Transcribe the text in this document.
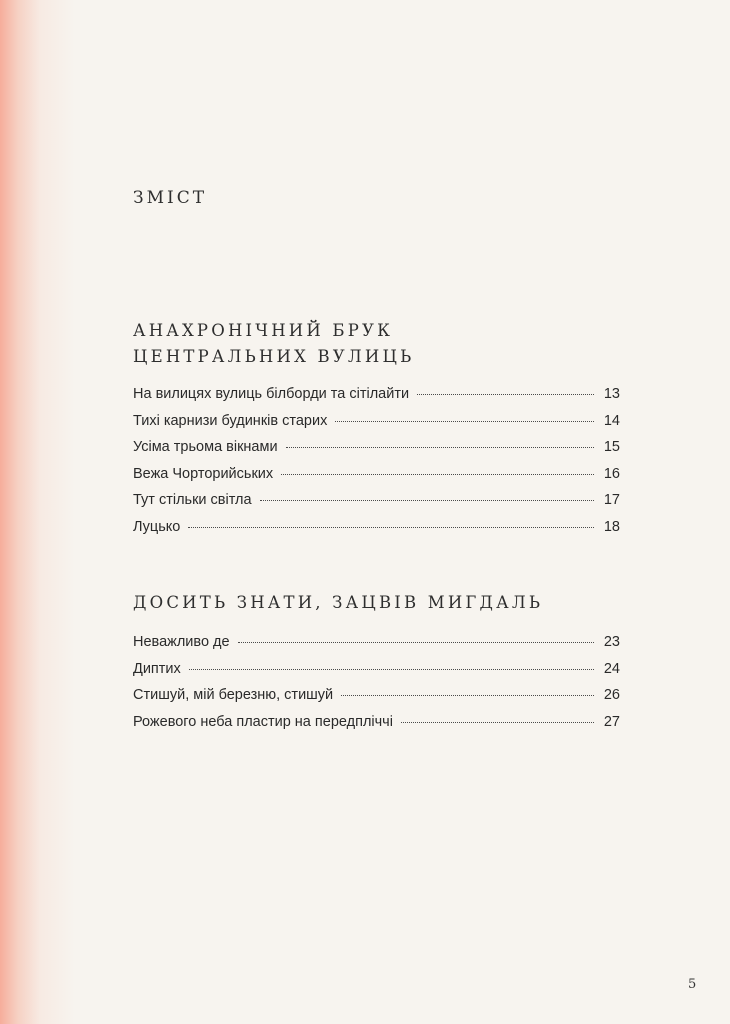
ЗМІСТ
АНАХРОНІЧНИЙ БРУК
ЦЕНТРАЛЬНИХ ВУЛИЦЬ
На вилицях вулиць білборди та сітілайти	13
Тихі карнизи будинків старих	14
Усіма трьома вікнами	15
Вежа Чорторийських	16
Тут стільки світла	17
Луцько	18
ДОСИТЬ ЗНАТИ, ЗАЦВІВ МИГДАЛЬ
Неважливо де	23
Диптих	24
Стишуй, мій березню, стишуй	26
Рожевого неба пластир на передпліччі	27
5
